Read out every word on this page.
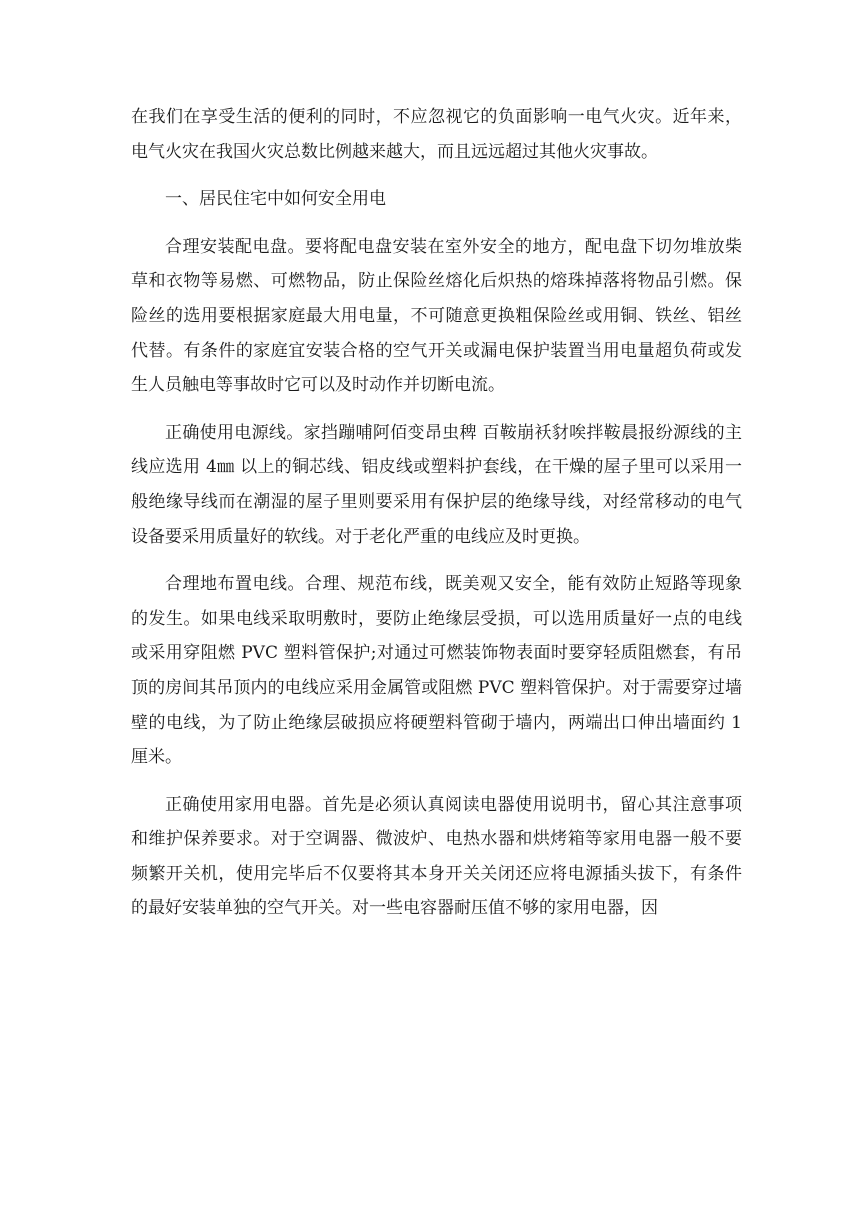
在我们在享受生活的便利的同时，不应忽视它的负面影响一电气火灾。近年来，电气火灾在我国火灾总数比例越来越大，而且远远超过其他火灾事故。

一、居民住宅中如何安全用电

合理安装配电盘。要将配电盘安装在室外安全的地方，配电盘下切勿堆放柴草和衣物等易燃、可燃物品，防止保险丝熔化后炽热的熔珠掉落将物品引燃。保险丝的选用要根据家庭最大用电量，不可随意更换粗保险丝或用铜、铁丝、铝丝代替。有条件的家庭宜安装合格的空气开关或漏电保护装置当用电量超负荷或发生人员触电等事故时它可以及时动作并切断电流。

正确使用电源线。家挡蹦哺阿佰变昂虫稗 百鞍崩袄豺唉拌鞍晨报纷源线的主线应选用 4㎜ 以上的铜芯线、铝皮线或塑料护套线，在干燥的屋子里可以采用一般绝缘导线而在潮湿的屋子里则要采用有保护层的绝缘导线，对经常移动的电气设备要采用质量好的软线。对于老化严重的电线应及时更换。

合理地布置电线。合理、规范布线，既美观又安全，能有效防止短路等现象的发生。如果电线采取明敷时，要防止绝缘层受损，可以选用质量好一点的电线或采用穿阻燃 PVC 塑料管保护;对通过可燃装饰物表面时要穿轻质阻燃套，有吊顶的房间其吊顶内的电线应采用金属管或阻燃 PVC 塑料管保护。对于需要穿过墙壁的电线，为了防止绝缘层破损应将硬塑料管砌于墙内，两端出口伸出墙面约 1 厘米。

正确使用家用电器。首先是必须认真阅读电器使用说明书，留心其注意事项和维护保养要求。对于空调器、微波炉、电热水器和烘烤箱等家用电器一般不要频繁开关机，使用完毕后不仅要将其本身开关关闭还应将电源插头拔下，有条件的最好安装单独的空气开关。对一些电容器耐压值不够的家用电器，因
